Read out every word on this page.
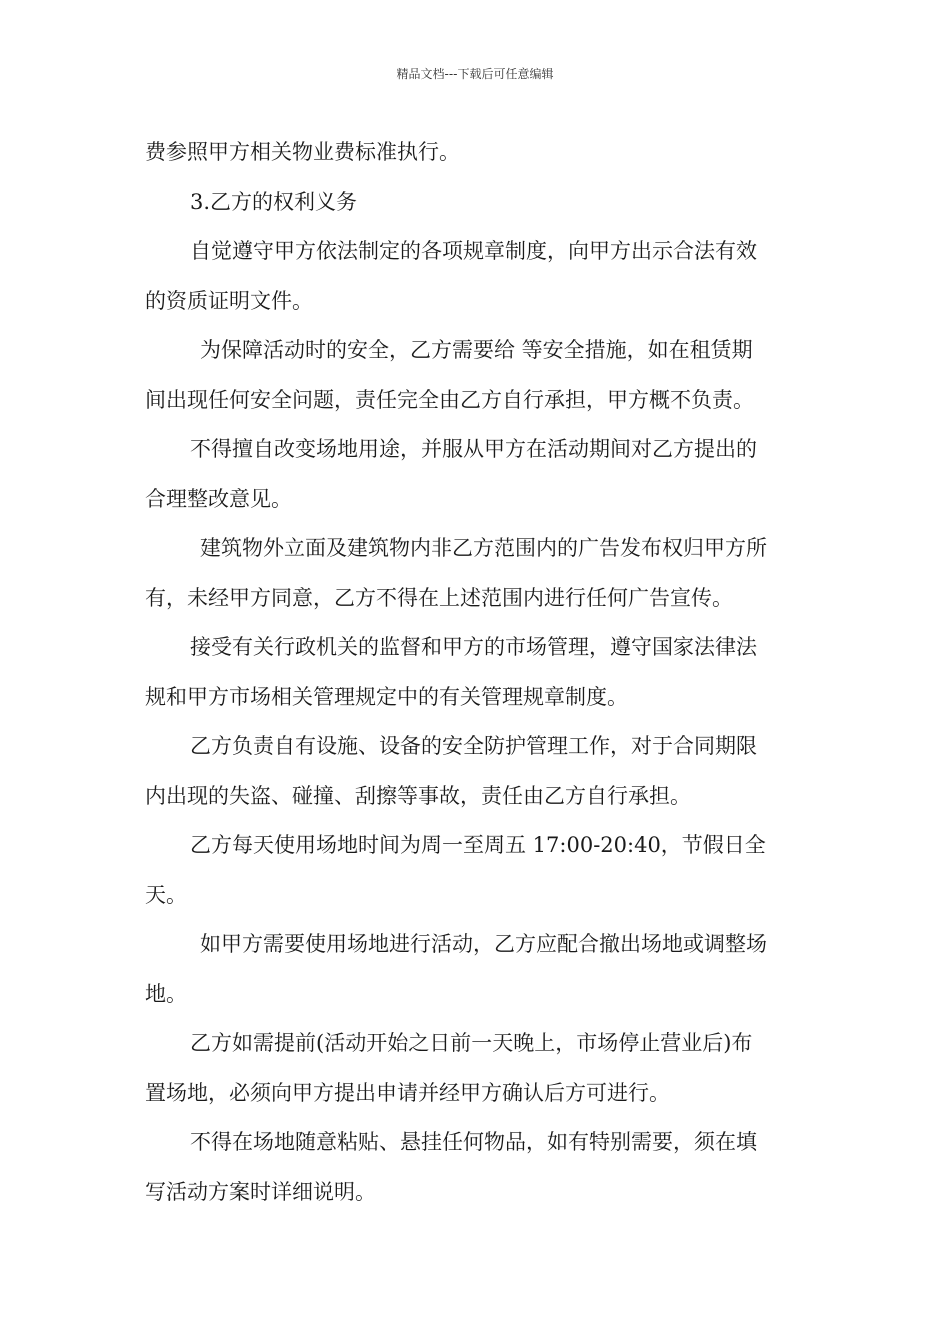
精品文档---下载后可任意编辑
费参照甲方相关物业费标准执行。
3.乙方的权利义务
自觉遵守甲方依法制定的各项规章制度，向甲方出示合法有效
的资质证明文件。
为保障活动时的安全，乙方需要给 等安全措施，如在租赁期
间出现任何安全问题，责任完全由乙方自行承担，甲方概不负责。
不得擅自改变场地用途，并服从甲方在活动期间对乙方提出的
合理整改意见。
建筑物外立面及建筑物内非乙方范围内的广告发布权归甲方所
有，未经甲方同意，乙方不得在上述范围内进行任何广告宣传。
接受有关行政机关的监督和甲方的市场管理，遵守国家法律法
规和甲方市场相关管理规定中的有关管理规章制度。
乙方负责自有设施、设备的安全防护管理工作，对于合同期限
内出现的失盗、碰撞、刮擦等事故，责任由乙方自行承担。
乙方每天使用场地时间为周一至周五 17:00-20:40，节假日全
天。
如甲方需要使用场地进行活动，乙方应配合撤出场地或调整场
地。
乙方如需提前(活动开始之日前一天晚上，市场停止营业后)布
置场地，必须向甲方提出申请并经甲方确认后方可进行。
不得在场地随意粘贴、悬挂任何物品，如有特别需要，须在填
写活动方案时详细说明。
